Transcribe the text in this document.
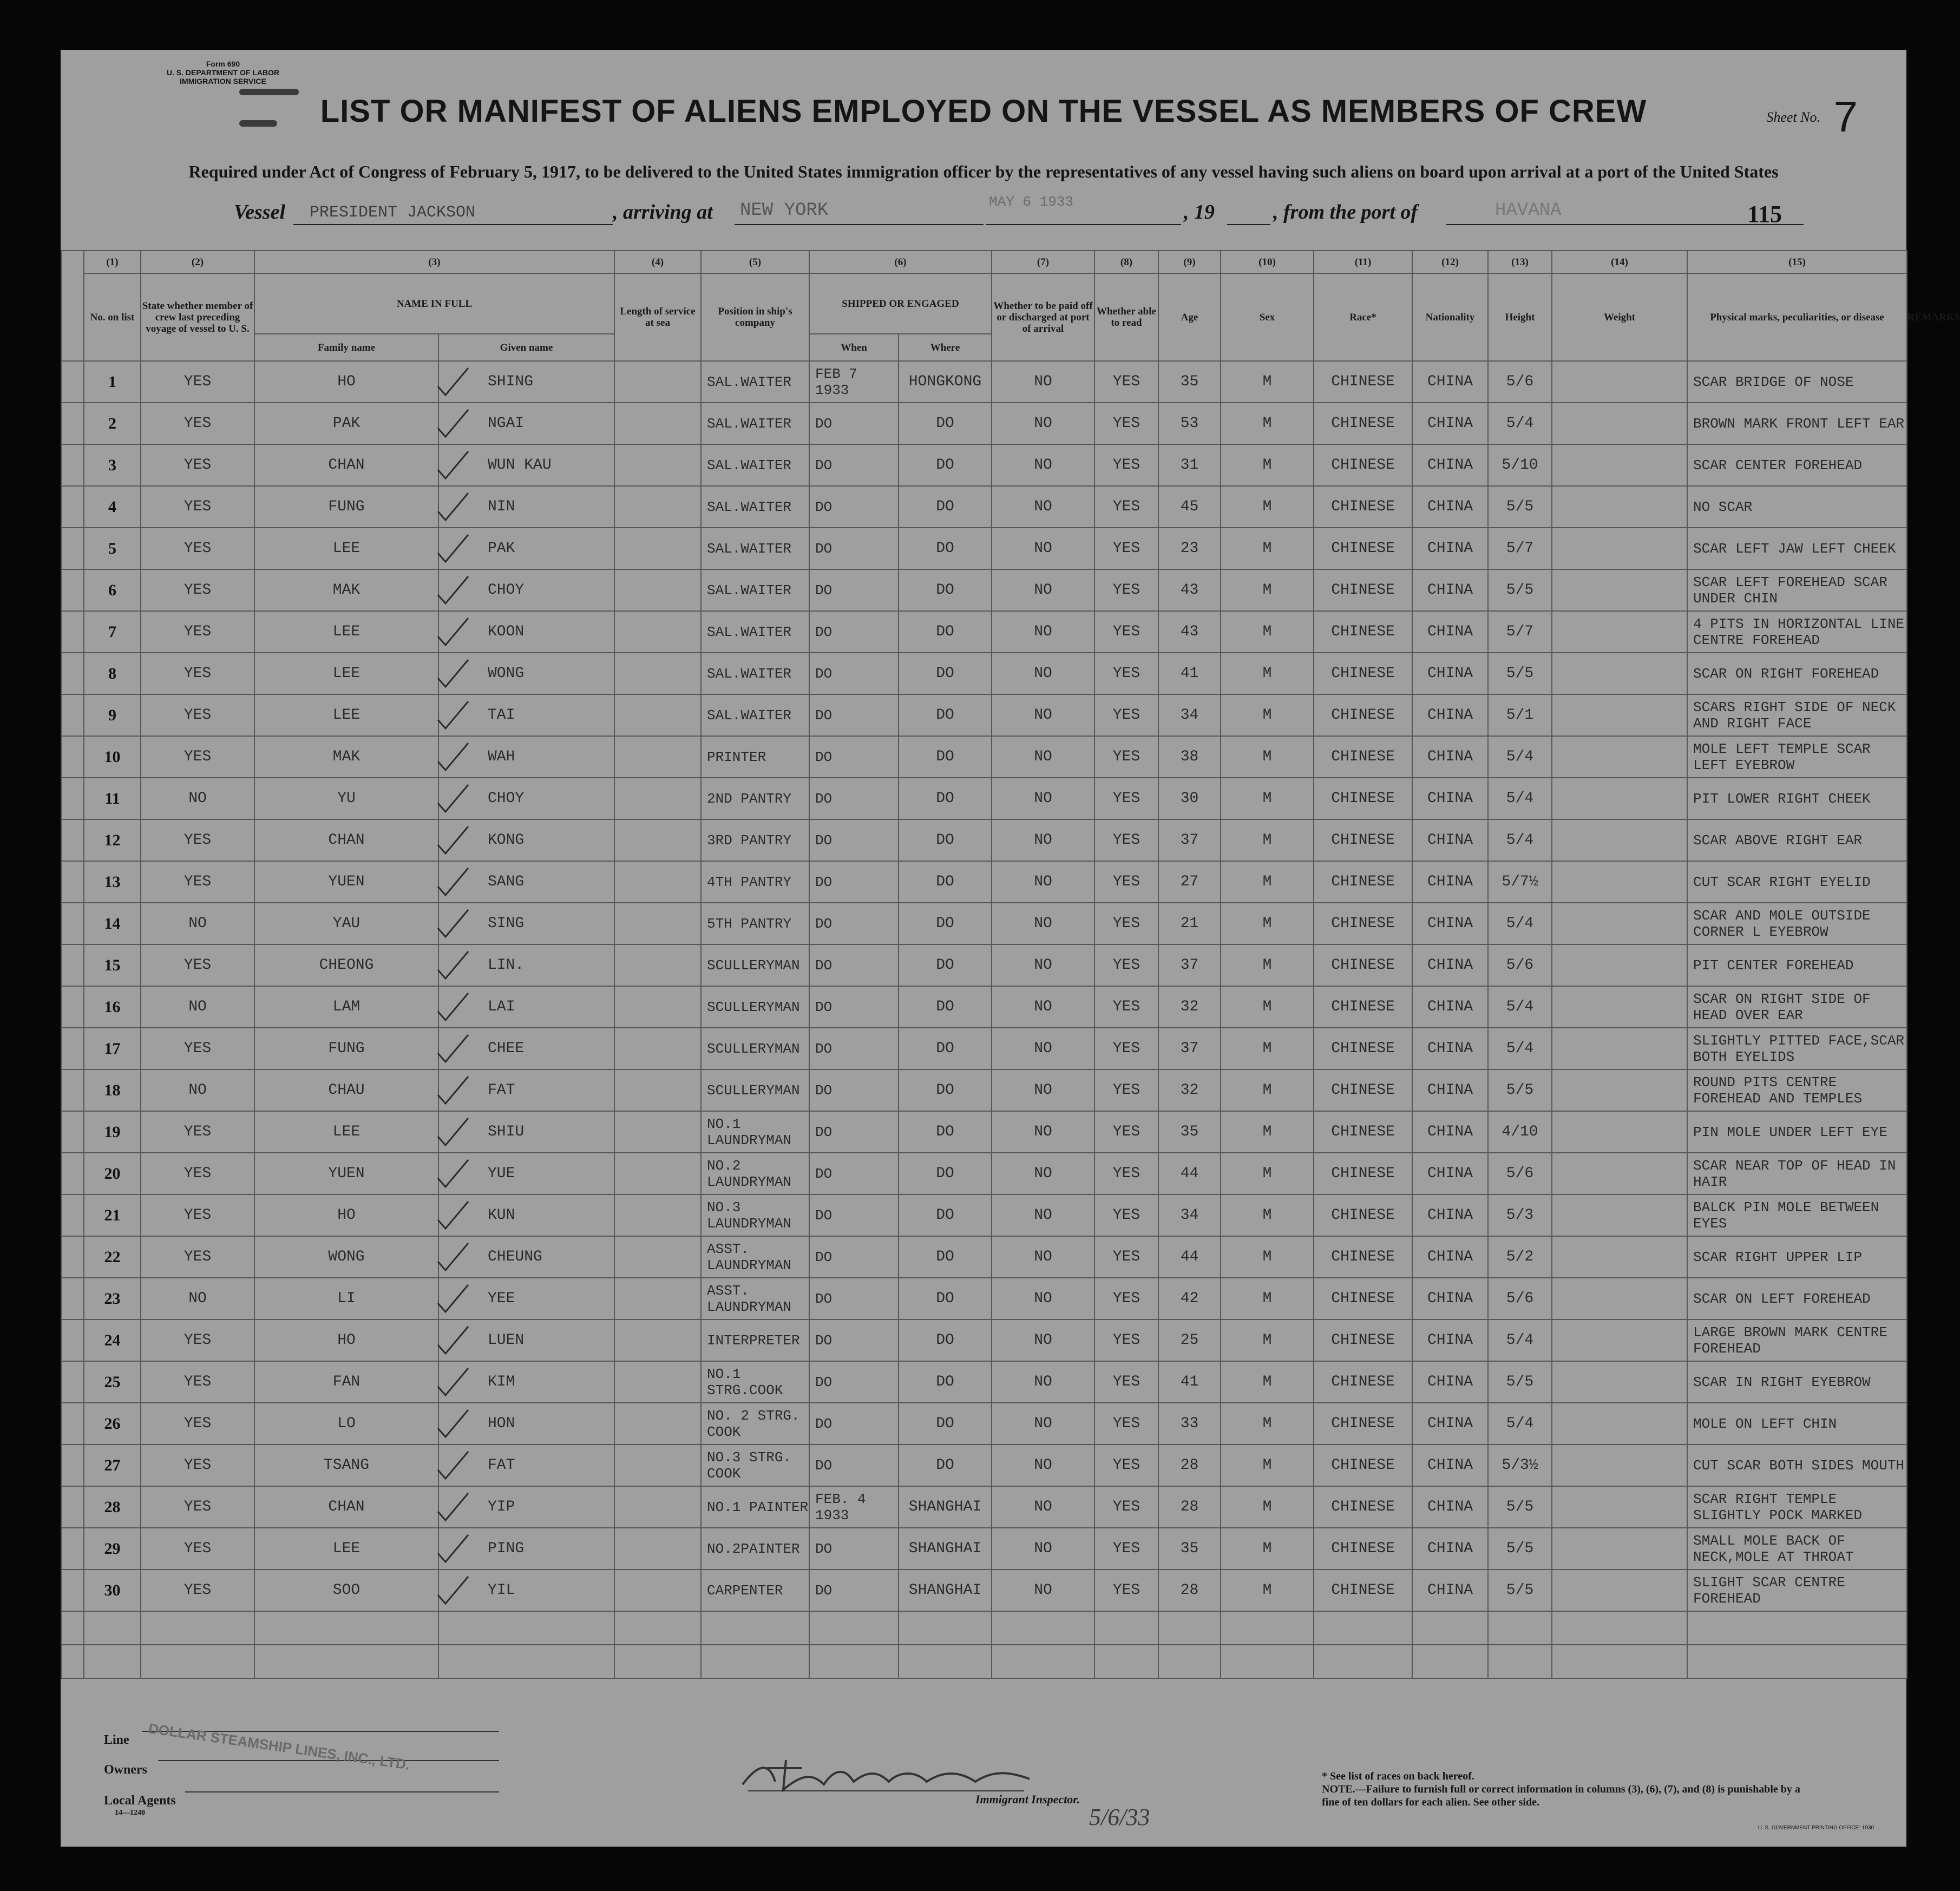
Form 690
U. S. DEPARTMENT OF LABOR
IMMIGRATION SERVICE
Sheet No. 7
LIST OR MANIFEST OF ALIENS EMPLOYED ON THE VESSEL AS MEMBERS OF CREW
Required under Act of Congress of February 5, 1917, to be delivered to the United States immigration officer by the representatives of any vessel having such aliens on board upon arrival at a port of the United States
Vessel PRESIDENT JACKSON	, arriving at NEW YORK	MAY 6 1933	, 19	, from the port of	HAVANA	115
	(1)	(2)	(3)		(4)	(5)	(6)		(7)	(8)	(9)	(10)	(11)	(12)	(13)	(14)	(15)	
	No. on list	State whether member of crew last preceding voyage of vessel to U. S.	NAME IN FULL		Length of service at sea	Position in ship's company	SHIPPED OR ENGAGED		Whether to be paid off or discharged at port of arrival	Whether able to read	Age	Sex	Race*	Nationality	Height	Weight	Physical marks, peculiarities, or disease	REMARKS
			Family name	Given name			When	Where										
	1	YES	HO	SHING		SAL.WAITER	FEB 7 1933	HONGKONG	NO	YES	35	M	CHINESE	CHINA	5/6		SCAR BRIDGE OF NOSE	
	2	YES	PAK	NGAI		SAL.WAITER	DO	DO	NO	YES	53	M	CHINESE	CHINA	5/4		BROWN MARK FRONT LEFT EAR	
	3	YES	CHAN	WUN KAU		SAL.WAITER	DO	DO	NO	YES	31	M	CHINESE	CHINA	5/10		SCAR CENTER FOREHEAD	
	4	YES	FUNG	NIN		SAL.WAITER	DO	DO	NO	YES	45	M	CHINESE	CHINA	5/5		NO SCAR	
	5	YES	LEE	PAK		SAL.WAITER	DO	DO	NO	YES	23	M	CHINESE	CHINA	5/7		SCAR LEFT JAW LEFT CHEEK	
	6	YES	MAK	CHOY		SAL.WAITER	DO	DO	NO	YES	43	M	CHINESE	CHINA	5/5		SCAR LEFT FOREHEAD SCAR UNDER CHIN	
	7	YES	LEE	KOON		SAL.WAITER	DO	DO	NO	YES	43	M	CHINESE	CHINA	5/7		4 PITS IN HORIZONTAL LINE CENTRE FOREHEAD	
	8	YES	LEE	WONG		SAL.WAITER	DO	DO	NO	YES	41	M	CHINESE	CHINA	5/5		SCAR ON RIGHT FOREHEAD	
	9	YES	LEE	TAI		SAL.WAITER	DO	DO	NO	YES	34	M	CHINESE	CHINA	5/1		SCARS RIGHT SIDE OF NECK AND RIGHT FACE	
	10	YES	MAK	WAH		PRINTER	DO	DO	NO	YES	38	M	CHINESE	CHINA	5/4		MOLE LEFT TEMPLE SCAR LEFT EYEBROW	
	11	NO	YU	CHOY		2ND PANTRY	DO	DO	NO	YES	30	M	CHINESE	CHINA	5/4		PIT LOWER RIGHT CHEEK	
	12	YES	CHAN	KONG		3RD PANTRY	DO	DO	NO	YES	37	M	CHINESE	CHINA	5/4		SCAR ABOVE RIGHT EAR	
	13	YES	YUEN	SANG		4TH PANTRY	DO	DO	NO	YES	27	M	CHINESE	CHINA	5/7½		CUT SCAR RIGHT EYELID	
	14	NO	YAU	SING		5TH PANTRY	DO	DO	NO	YES	21	M	CHINESE	CHINA	5/4		SCAR AND MOLE OUTSIDE CORNER L EYEBROW	
	15	YES	CHEONG	LIN.		SCULLERYMAN	DO	DO	NO	YES	37	M	CHINESE	CHINA	5/6		PIT CENTER FOREHEAD	
	16	NO	LAM	LAI		SCULLERYMAN	DO	DO	NO	YES	32	M	CHINESE	CHINA	5/4		SCAR ON RIGHT SIDE OF HEAD OVER EAR	
	17	YES	FUNG	CHEE		SCULLERYMAN	DO	DO	NO	YES	37	M	CHINESE	CHINA	5/4		SLIGHTLY PITTED FACE,SCAR BOTH EYELIDS	
	18	NO	CHAU	FAT		SCULLERYMAN	DO	DO	NO	YES	32	M	CHINESE	CHINA	5/5		ROUND PITS CENTRE FOREHEAD AND TEMPLES	
	19	YES	LEE	SHIU		NO.1 LAUNDRYMAN	DO	DO	NO	YES	35	M	CHINESE	CHINA	4/10		PIN MOLE UNDER LEFT EYE	
	20	YES	YUEN	YUE		NO.2 LAUNDRYMAN	DO	DO	NO	YES	44	M	CHINESE	CHINA	5/6		SCAR NEAR TOP OF HEAD IN HAIR	
	21	YES	HO	KUN		NO.3 LAUNDRYMAN	DO	DO	NO	YES	34	M	CHINESE	CHINA	5/3		BALCK PIN MOLE BETWEEN EYES	
	22	YES	WONG	CHEUNG		ASST. LAUNDRYMAN	DO	DO	NO	YES	44	M	CHINESE	CHINA	5/2		SCAR RIGHT UPPER LIP	
	23	NO	LI	YEE		ASST. LAUNDRYMAN	DO	DO	NO	YES	42	M	CHINESE	CHINA	5/6		SCAR ON LEFT FOREHEAD	
	24	YES	HO	LUEN		INTERPRETER	DO	DO	NO	YES	25	M	CHINESE	CHINA	5/4		LARGE BROWN MARK CENTRE FOREHEAD	
	25	YES	FAN	KIM		NO.1 STRG.COOK	DO	DO	NO	YES	41	M	CHINESE	CHINA	5/5		SCAR IN RIGHT EYEBROW	
	26	YES	LO	HON		NO. 2 STRG. COOK	DO	DO	NO	YES	33	M	CHINESE	CHINA	5/4		MOLE ON LEFT CHIN	
	27	YES	TSANG	FAT		NO.3 STRG. COOK	DO	DO	NO	YES	28	M	CHINESE	CHINA	5/3½		CUT SCAR BOTH SIDES MOUTH	
	28	YES	CHAN	YIP		NO.1 PAINTER	FEB. 4 1933	SHANGHAI	NO	YES	28	M	CHINESE	CHINA	5/5		SCAR RIGHT TEMPLE SLIGHTLY POCK MARKED	
	29	YES	LEE	PING		NO.2PAINTER	DO	SHANGHAI	NO	YES	35	M	CHINESE	CHINA	5/5		SMALL MOLE BACK OF NECK,MOLE AT THROAT	
	30	YES	SOO	YIL		CARPENTER	DO	SHANGHAI	NO	YES	28	M	CHINESE	CHINA	5/5		SLIGHT SCAR CENTRE FOREHEAD	

Line
Owners
Local Agents
14—1240
DOLLAR STEAMSHIP LINES, INC., LTD.
Immigrant Inspector.
5/6/33
* See list of races on back hereof.
NOTE.—Failure to furnish full or correct information in columns (3), (6), (7), and (8) is punishable by a fine of ten dollars for each alien. See other side.
U. S. GOVERNMENT PRINTING OFFICE: 1930
